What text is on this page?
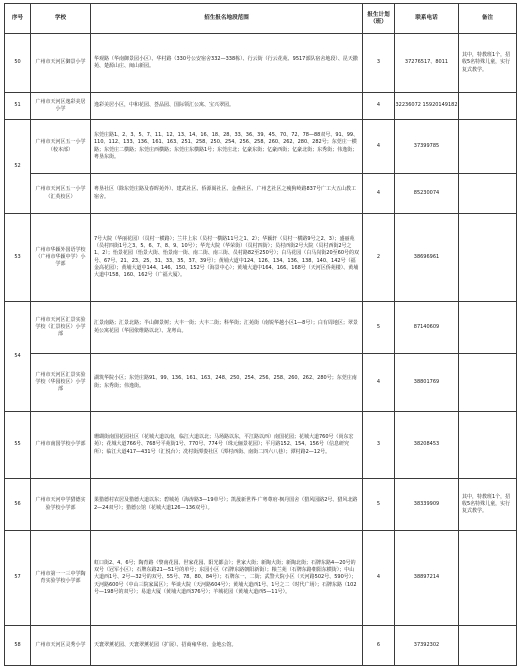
序号	学校	招生报名地段范围	报生计划（班）	联系电话	备注
50	广州市天河区御景小学	华观路（华南御景园小区）、华村路（330号公安宿舍332—338栋）、行云街（行云花苑、9517部队宿舍地段）、昆天撒苑、楚源山庄、闽山新园。	3	37276517、8011	其中，特教班1个，招收5名特殊儿童，实行复式教学。
51	广州市天河区逸彩美居小学	逸彩美居小区，中和花园、荟品园、国际领汇公寓、宝兴翠园。	4	32236072 15920149182	
52	广州市天河区五一小学（校本部）	东莞庄路1、2、3、5、7、11、12、13、14、16、18、28、33、36、39、45、70、72、78—88双号、91、99、110、112、133、136、161、163、251、258、250、254、256、258、260、262、280、282号；东莞庄一横路；东莞庄二横路；东莞庄西横路；东莞庄东横路1号；东莞庄北；亿豪东街；亿豪西街；亿豪北街；东秀街；伟逸街；粤垦东街。	4	37399785	
	广州市天河区五一小学（汇英校区）	粤垦社区（除东莞庄路及春晖苑外）、建武社区、侨源阁社区、金燕社区、广州艺社区之瘦狗岭路837号广工大五山教工宿舍。	4	85230074	
53	广州市华颖外国语学校（广州市华颖中学）小学部	7号大院（华丽花园）（员村一横路）；兰井上东（员村一横路11号之1、2）；华颖轩（员村一横路9号之2、3）；盛丽苑（员村四街1号之3、5、6、7、8、9、10号）；华光大院（华荣街）（员村四街）；员村西街2号大院（员村西街2号之1、2）；怡景花园（怡景大街、怡景南一街、南二街、南三街、员村路82至250号）；白马花园（白马岗街20至60号的双号、67号、21、23、25、31、33、35、37、39号）；黄埔大道中124、126、134、136、138、140、142号（福金高花园）；黄埔大道中144、146、150、152号（海景中心）；黄埔大道中164、166、168号（天河区侨苑楼）、黄埔大道中158、160、162号（广福大厦）。	2	38696961	
54	广州市天河区汇景实验学校（汇景校区）小学部	汇景南路；汇景北路；半山御景树；大丰一街；大丰二街；科华街；汇苑街（南锐华越小区1—8号）；白有周地区；翠景苑公寓花园（华园依维路以北）、龙粤山。	5	87140609	
	广州市天河区汇景实验学校（华园校区）小学部	湖筑华院小区；东莞庄路91、99、136、161、163、248、250、254、256、258、260、262、280号；东莞庄南街；东秀街；伟逸街。	4	38801769	
55	广州市南国学校小学部	珊瑚街南国花园社区（花城大道以南，临江大道以北；马场路以东，平江路以西）南国花园；花城大道760号（尚东宏苑）；花城大道766号、768号平苑街1号、770号、774号（珠元俪景花园）；平月路152、154、156号（信息研究所）；临江大道417—431号（汇悦台）；冼村街潭娄社区（潭村西街、南街二四六八巷）；潭村路2—12号。	3	38208453	
56	广州市天河中学猎德实验学校小学部	果猎德村农居及猎德大道以东；碧城苑（海涛路3—19单号）；凯晟新世界·广粤尊府·枫丹国舍（猎风园路2号、猎风北路2—24双号）；猎德公馆（花城大道126—136双号）。	5	38339909	其中，特教班1个，招收5名特殊儿童，实行复式教学。
57	广州市第一一三中学陶育实验学校小学部	虹口街2、4、6号；陶育路（黎南花园、世家花园、阳光都会）；世家大街；新陶大街；新陶北街；石牌东路4—20号的双号（冠军小区）；石牌东路21—51号的单号；东园小区（石牌东路朝阳新街）；粮兰苑（石牌东路朝阳东横街）；中山大道西1号、2号—32号的双号、55号、78、80、84号）；石牌东一、二街；武警大院小区（天河路502号、590号）；天河路600号（中山三院家属区）；华谈大院（天河路604号）；黄埔大道西1号、1号之二（时代广场）；石牌东路（102号—198号的双号）；易道大厦（黄埔大道西376号）；羊城花园（黄埔大道西5—11号）。	4	38897214	
58	广州市天河区灵秀小学	天寰翠薰花园、天寰翠薰花园（扩展）、招商雍华府、金地公馆。	6	37392302	
